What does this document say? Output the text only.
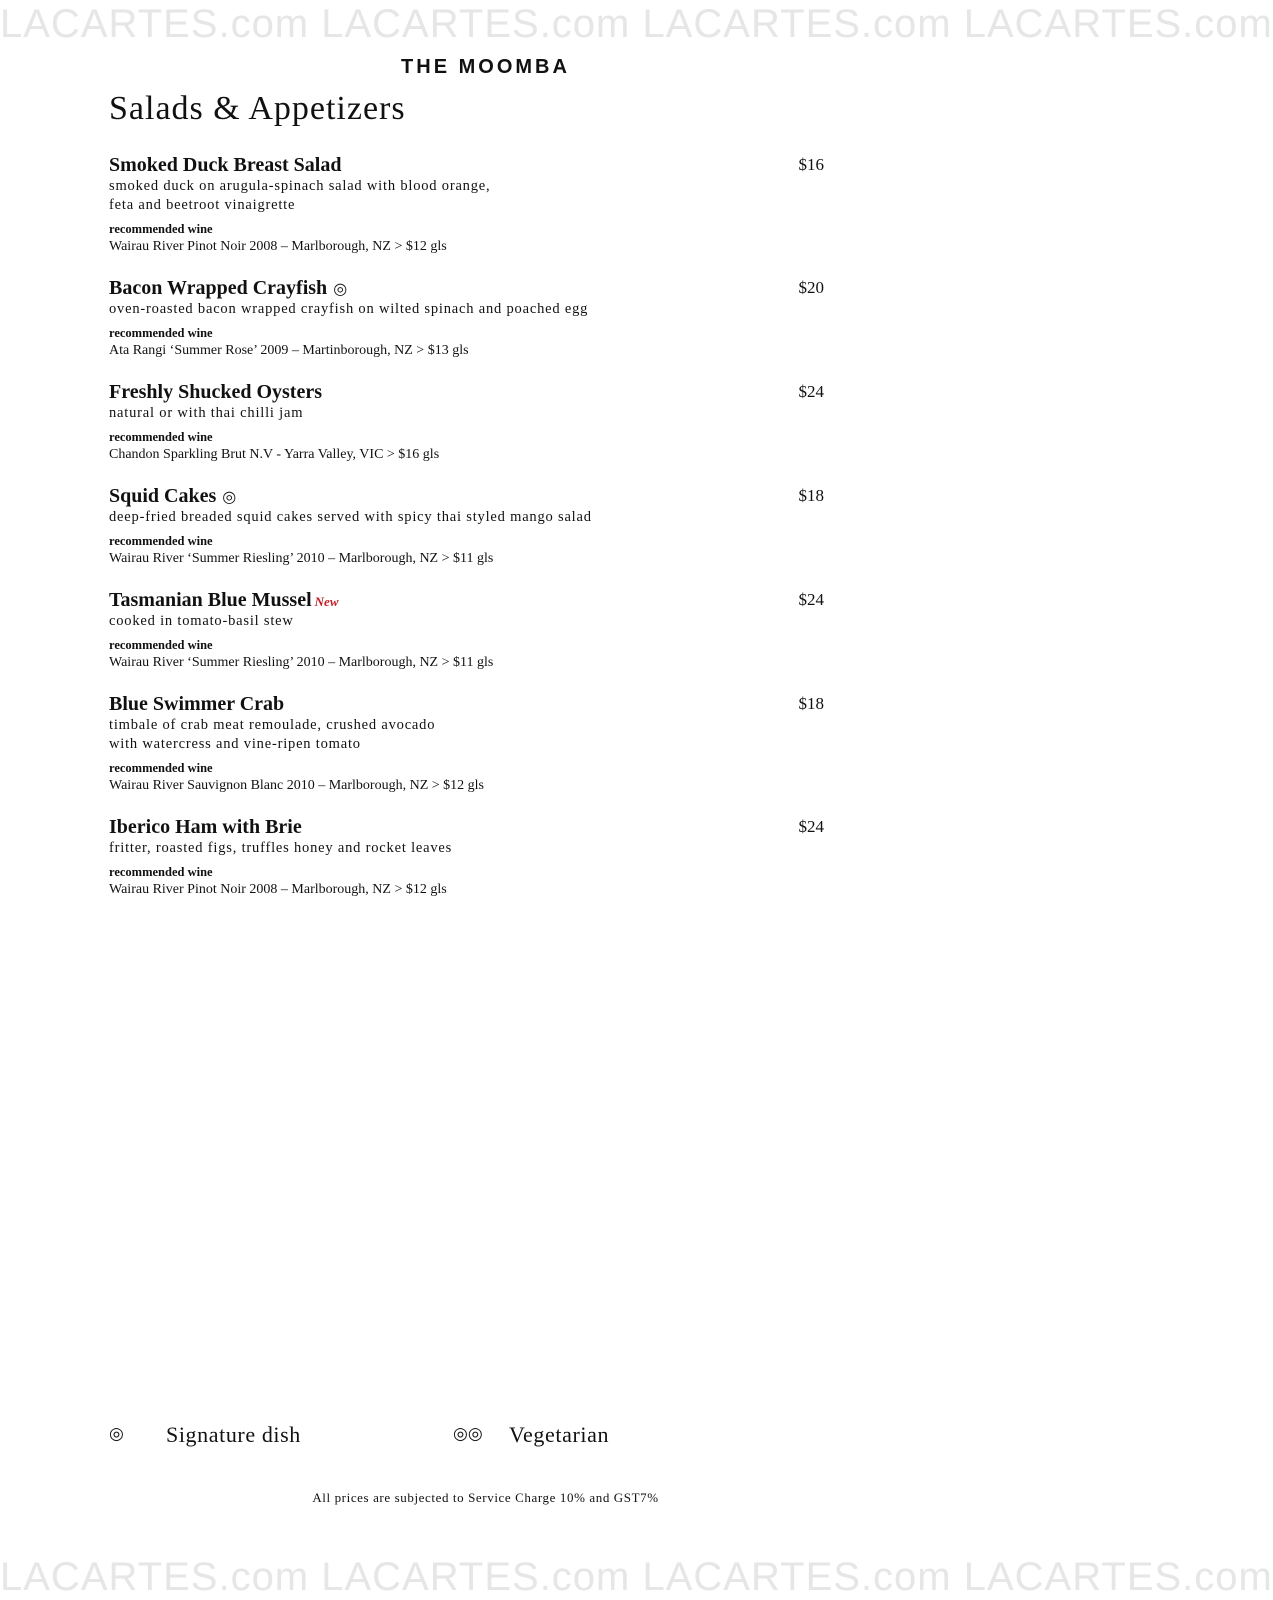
LACARTES.com LACARTES.com LACARTES.com LACARTES.com
THE MOOMBA
Salads & Appetizers
Smoked Duck Breast Salad	$16
smoked duck on arugula-spinach salad with blood orange,
feta and beetroot vinaigrette
recommended wine
Wairau River Pinot Noir 2008 – Marlborough, NZ > $12 gls
Bacon Wrapped Crayfish ◎	$20
oven-roasted bacon wrapped crayfish on wilted spinach and poached egg
recommended wine
Ata Rangi ‘Summer Rose’ 2009 – Martinborough, NZ > $13 gls
Freshly Shucked Oysters	$24
natural or with thai chilli jam
recommended wine
Chandon Sparkling Brut N.V - Yarra Valley, VIC > $16 gls
Squid Cakes ◎	$18
deep-fried breaded squid cakes served with spicy thai styled mango salad
recommended wine
Wairau River ‘Summer Riesling’ 2010 – Marlborough, NZ > $11 gls
Tasmanian Blue Mussel New	$24
cooked in tomato-basil stew
recommended wine
Wairau River ‘Summer Riesling’ 2010 – Marlborough, NZ > $11 gls
Blue Swimmer Crab	$18
timbale of crab meat remoulade, crushed avocado
with watercress and vine-ripen tomato
recommended wine
Wairau River Sauvignon Blanc 2010 – Marlborough, NZ > $12 gls
Iberico Ham with Brie	$24
fritter, roasted figs, truffles honey and rocket leaves
recommended wine
Wairau River Pinot Noir 2008 – Marlborough, NZ > $12 gls
◎ Signature dish	◎◎ Vegetarian
All prices are subjected to Service Charge 10% and GST7%
LACARTES.com LACARTES.com LACARTES.com LACARTES.com
